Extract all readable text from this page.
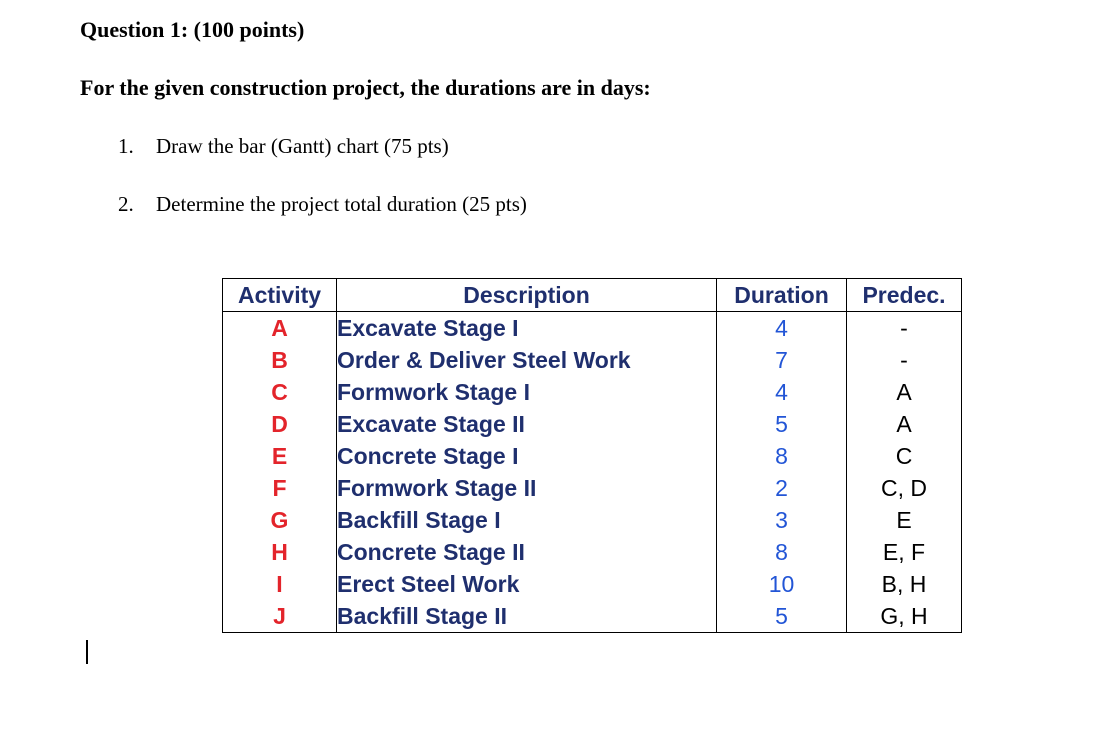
Question 1: (100 points)

For the given construction project, the durations are in days:

1. Draw the bar (Gantt) chart (75 pts)

2. Determine the project total duration (25 pts)

Activity	Description	Duration	Predec.
A	Excavate Stage I	4	-
B	Order & Deliver Steel Work	7	-
C	Formwork Stage I	4	A
D	Excavate Stage II	5	A
E	Concrete Stage I	8	C
F	Formwork Stage II	2	C, D
G	Backfill Stage I	3	E
H	Concrete Stage II	8	E, F
I	Erect Steel Work	10	B, H
J	Backfill Stage II	5	G, H
